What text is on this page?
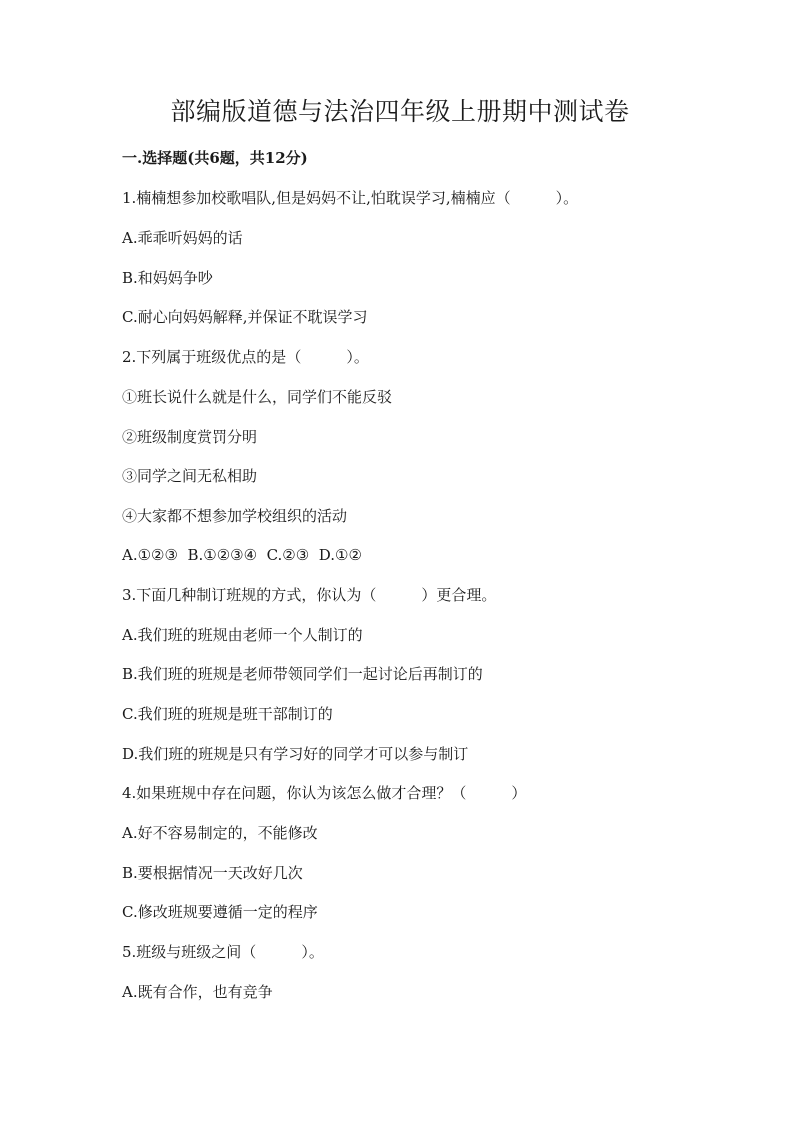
部编版道德与法治四年级上册期中测试卷
一.选择题(共6题，共12分)
1.楠楠想参加校歌唱队,但是妈妈不让,怕耽误学习,楠楠应（　　　）。
A.乖乖听妈妈的话
B.和妈妈争吵
C.耐心向妈妈解释,并保证不耽误学习
2.下列属于班级优点的是（　　　）。
①班长说什么就是什么，同学们不能反驳
②班级制度赏罚分明
③同学之间无私相助
④大家都不想参加学校组织的活动
A.①②③  B.①②③④  C.②③  D.①②
3.下面几种制订班规的方式，你认为（　　　）更合理。
A.我们班的班规由老师一个人制订的
B.我们班的班规是老师带领同学们一起讨论后再制订的
C.我们班的班规是班干部制订的
D.我们班的班规是只有学习好的同学才可以参与制订
4.如果班规中存在问题，你认为该怎么做才合理？（　　　）
A.好不容易制定的，不能修改
B.要根据情况一天改好几次
C.修改班规要遵循一定的程序
5.班级与班级之间（　　　）。
A.既有合作，也有竞争
